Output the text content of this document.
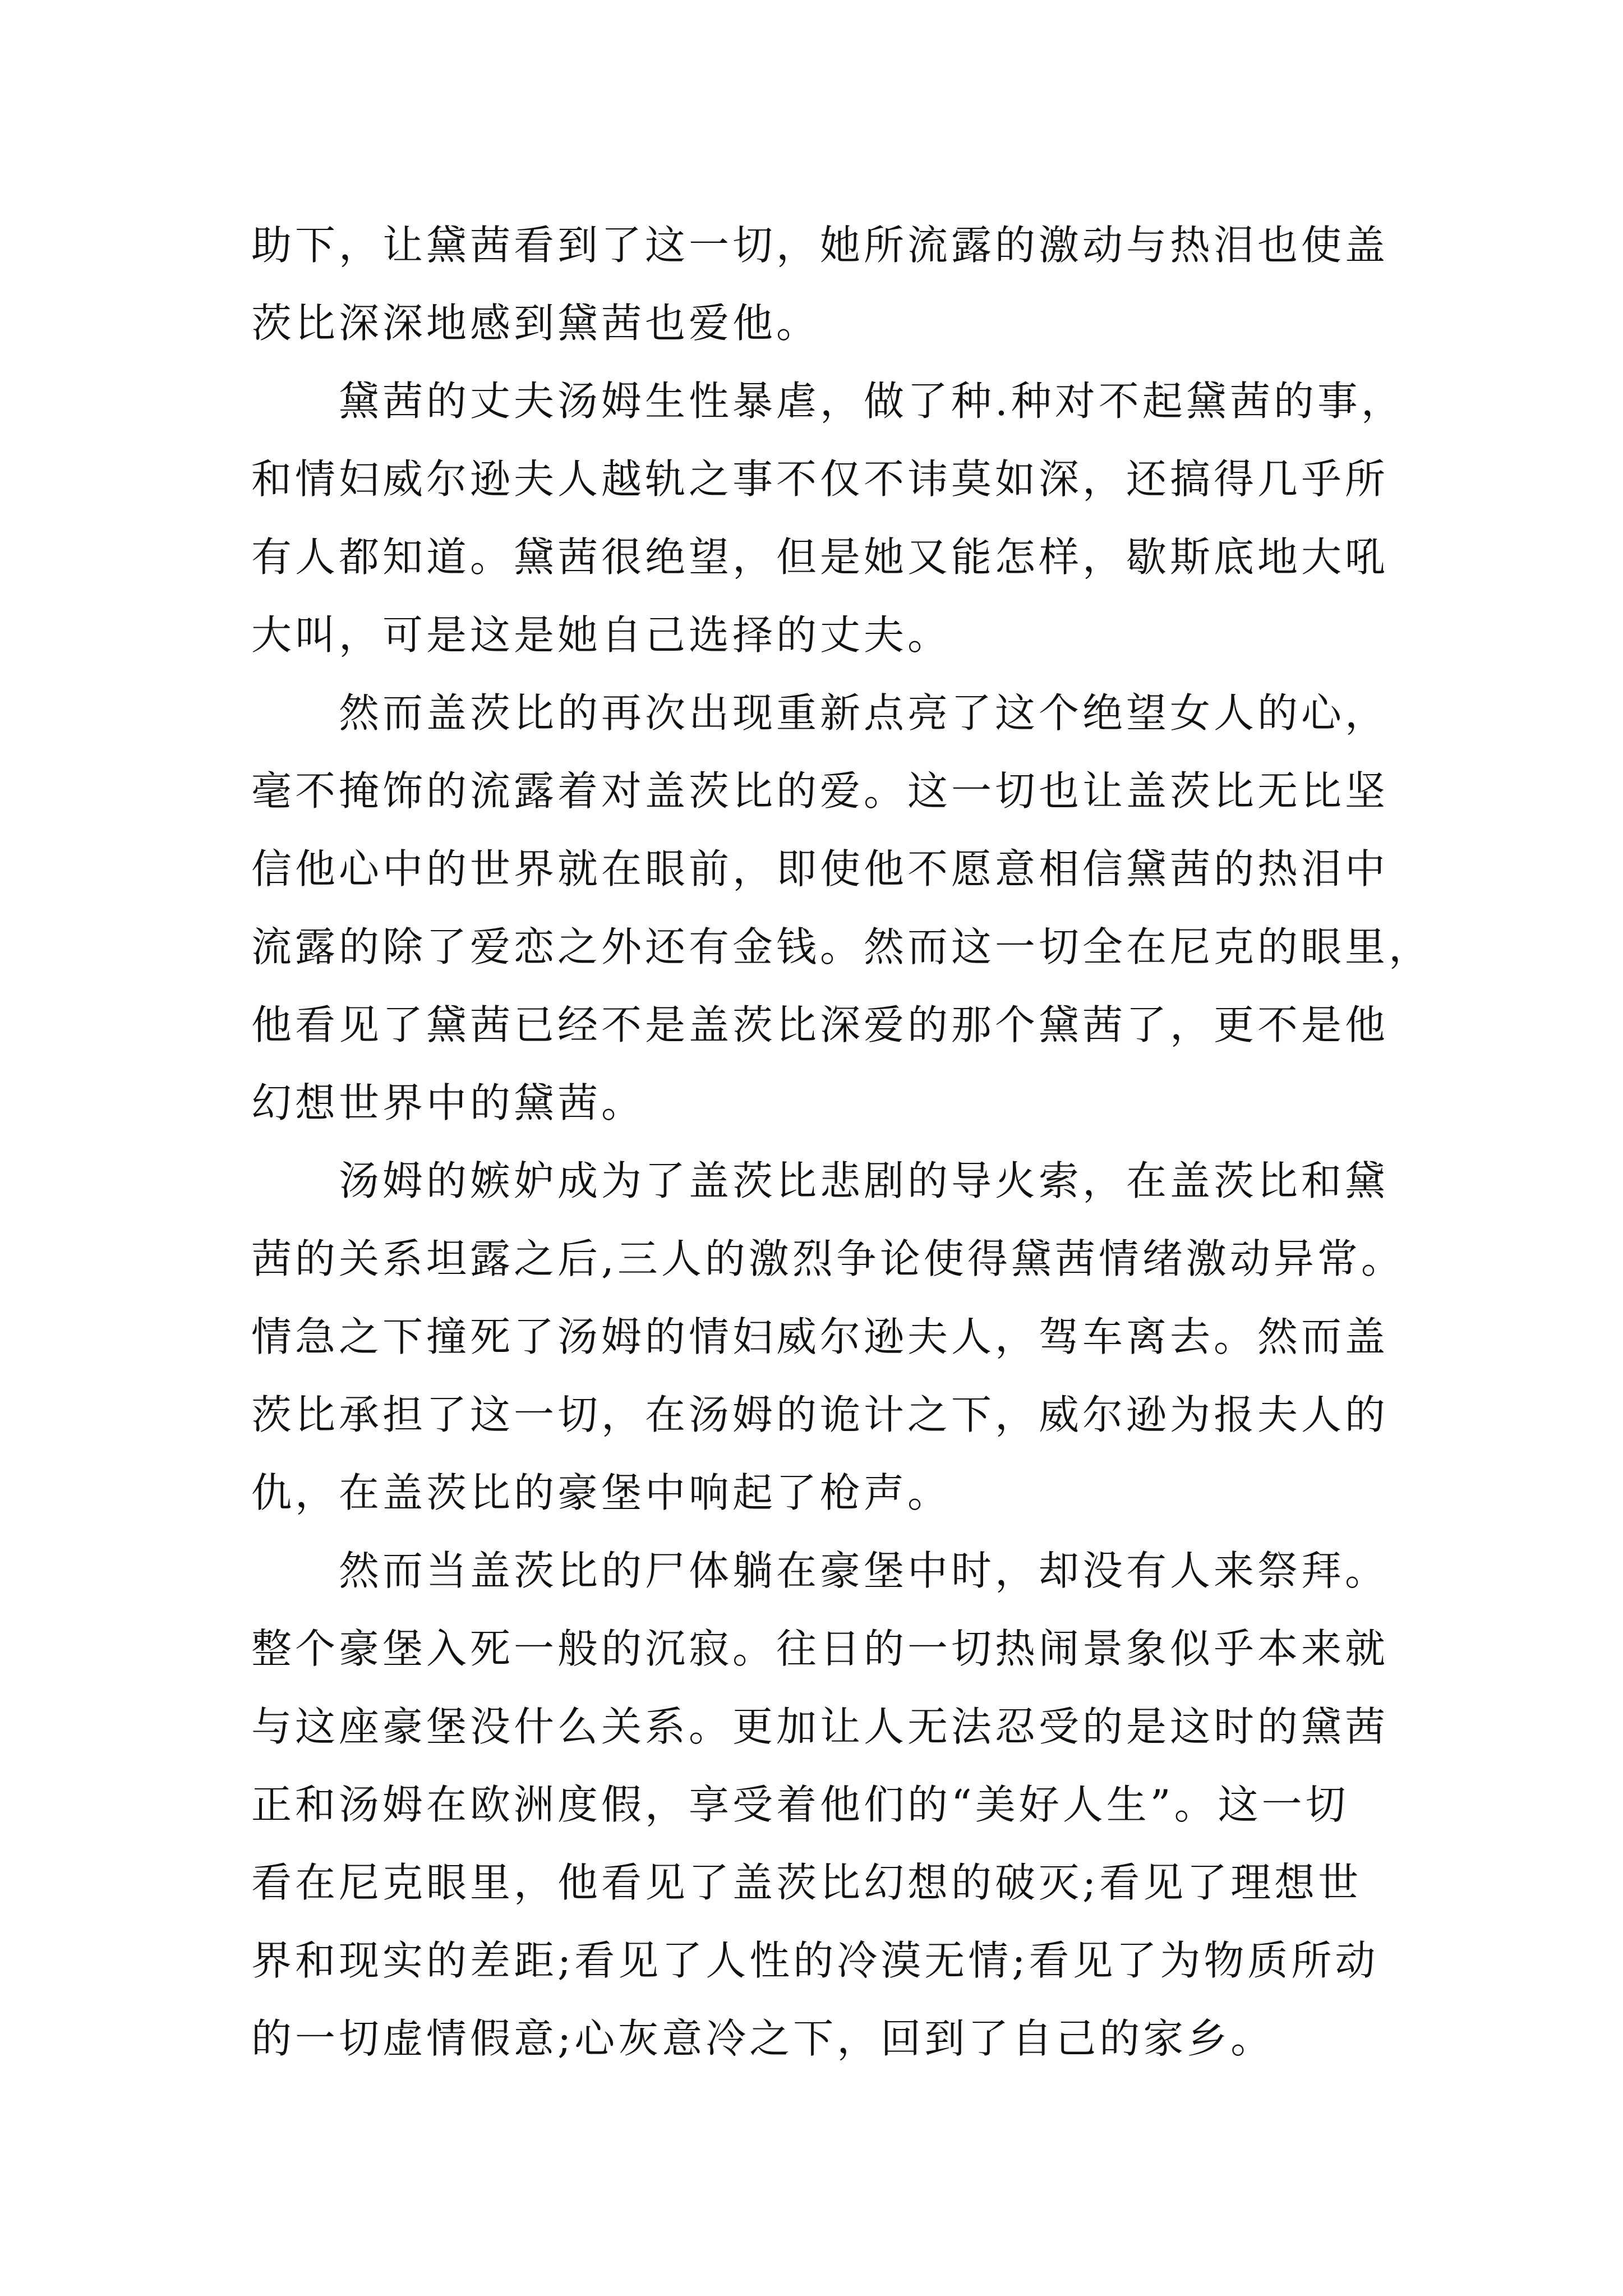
助下，让黛茜看到了这一切，她所流露的激动与热泪也使盖
茨比深深地感到黛茜也爱他。

黛茜的丈夫汤姆生性暴虐，做了种.种对不起黛茜的事，
和情妇威尔逊夫人越轨之事不仅不讳莫如深，还搞得几乎所
有人都知道。黛茜很绝望，但是她又能怎样，歇斯底地大吼
大叫，可是这是她自己选择的丈夫。

然而盖茨比的再次出现重新点亮了这个绝望女人的心，
毫不掩饰的流露着对盖茨比的爱。这一切也让盖茨比无比坚
信他心中的世界就在眼前，即使他不愿意相信黛茜的热泪中
流露的除了爱恋之外还有金钱。然而这一切全在尼克的眼里，
他看见了黛茜已经不是盖茨比深爱的那个黛茜了，更不是他
幻想世界中的黛茜。

汤姆的嫉妒成为了盖茨比悲剧的导火索，在盖茨比和黛
茜的关系坦露之后,三人的激烈争论使得黛茜情绪激动异常。
情急之下撞死了汤姆的情妇威尔逊夫人，驾车离去。然而盖
茨比承担了这一切，在汤姆的诡计之下，威尔逊为报夫人的
仇，在盖茨比的豪堡中响起了枪声。

然而当盖茨比的尸体躺在豪堡中时，却没有人来祭拜。
整个豪堡入死一般的沉寂。往日的一切热闹景象似乎本来就
与这座豪堡没什么关系。更加让人无法忍受的是这时的黛茜
正和汤姆在欧洲度假，享受着他们的“美好人生”。这一切
看在尼克眼里，他看见了盖茨比幻想的破灭;看见了理想世
界和现实的差距;看见了人性的冷漠无情;看见了为物质所动
的一切虚情假意;心灰意冷之下，回到了自己的家乡。
